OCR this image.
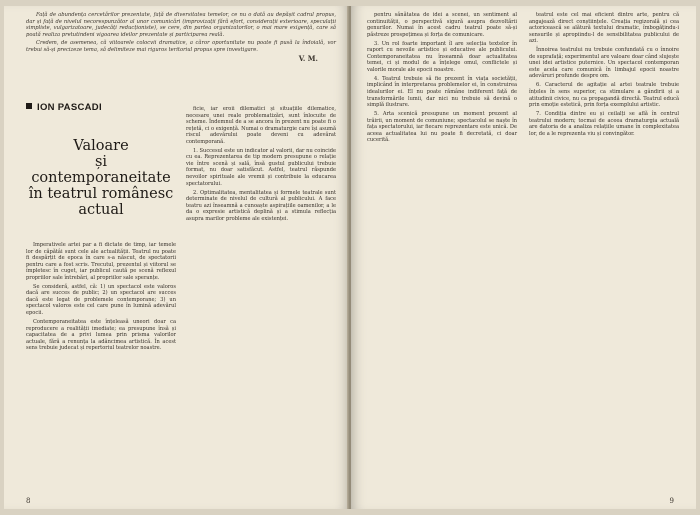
Față de abundența cercetărilor prezentate, față de diversitatea temelor, ce nu o dată au depășit cadrul propus, dar și față de nivelul necorespunzător al unor comunicări (improvizații fără efort, considerații exterioare, speculații simpliste, vulgarizatoare, judecăți reducționiste), se cere, din partea organizatorilor, o mai mare exigență, care să poată realiza pretutindeni vigoarea ideilor prezentate și participarea reală.

Credem, de asemenea, că viitoarele colocvii dramatice, a căror oportunitate nu poate fi pusă la îndoială, vor trebui să-și precizeze tema, să delimiteze mai riguros teritoriul propus spre investigare.

V. M.
ION PASCADI
Valoare
și contemporaneitate
în teatrul românesc
actual

Imperativele artei par a fi dictate de timp, iar temele lor de căpătâi sunt cele ale actualității. Teatrul nu poate fi despărțit de epoca în care s-a născut, de spectatorii pentru care a fost scris. Trecutul, prezentul și viitorul se împletesc în cuget, iar publicul caută pe scenă reflexul propriilor sale întrebări, al propriilor sale speranțe.

Se consideră, astfel, că: 1) un spectacol este valoros dacă are succes de public; 2) un spectacol are succes dacă este legat de problemele contemporane; 3) un spectacol valoros este cel care pune în lumină adevărul epocii.

Contemporaneitatea este înțeleasă uneori doar ca reproducere a realității imediate; ea presupune însă și capacitatea de a privi lumea prin prisma valorilor actuale, fără a renunța la adâncimea artistică. În acest sens trebuie judecat și repertoriul teatrelor noastre.

ficie, iar eroii dilematici și situațiile dilematice, necesare unei reale problematizări, sunt înlocuite de scheme. Îndemnul de a se ancora în prezent nu poate fi o rețetă, ci o exigență. Numai o dramaturgie care își asumă riscul adevărului poate deveni cu adevărat contemporană.

1. Succesul este un indicator al valorii, dar nu coincide cu ea. Reprezentarea de tip modern presupune o relație vie între scenă și sală, însă gustul publicului trebuie format, nu doar satisfăcut. Astfel, teatrul răspunde nevoilor spirituale ale vremii și contribuie la educarea spectatorului.

2. Optimalitatea, mentalitatea și formele teatrale sunt determinate de nivelul de cultură al publicului. A face teatru azi înseamnă a cunoaște aspirațiile oamenilor, a le da o expresie artistică deplină și a stimula reflecția asupra marilor probleme ale existenței.

8

pentru sănătatea de idei a scenei, un sentiment al continuității, o perspectivă sigură asupra dezvoltării genurilor. Numai în acest cadru teatrul poate să-și păstreze prospețimea și forța de comunicare.

3. Un rol foarte important îl are selecția textelor în raport cu nevoile artistice și educative ale publicului. Contemporaneitatea nu înseamnă doar actualitatea temei, ci și modul de a înțelege omul, conflictele și valorile morale ale epocii noastre.

4. Teatrul trebuie să fie prezent în viața societății, implicând în interpretarea problemelor ei, în construirea idealurilor ei. El nu poate rămâne indiferent față de transformările lumii, dar nici nu trebuie să devină o simplă ilustrare.

5. Arta scenică presupune un moment prezent al trăirii, un moment de comuniune; spectacolul se naște în fața spectatorului, iar fiecare reprezentare este unică. De aceea actualitatea lui nu poate fi decretată, ci doar cucerită.

teatrul este cel mai eficient dintre arte, pentru că angajează direct conștiințele. Creația regizorală și cea actoricească se alătură textului dramatic, îmbogățindu-i sensurile și apropiindu-l de sensibilitatea publicului de azi.

Înnoirea teatrului nu trebuie confundată cu o înnoire de suprafață; experimentul are valoare doar când slujește unei idei artistice puternice. Un spectacol contemporan este acela care comunică în limbajul epocii noastre adevăruri profunde despre om.

6. Caracterul de agitație al artei teatrale trebuie înțeles în sens superior, ca stimulare a gândirii și a atitudinii civice, nu ca propagandă directă. Teatrul educă prin emoție estetică, prin forța exemplului artistic.

7. Condiția dintre eu și ceilalți se află în centrul teatrului modern; tocmai de aceea dramaturgia actuală are datoria de a analiza relațiile umane în complexitatea lor, de a le reprezenta viu și convingător.

9
